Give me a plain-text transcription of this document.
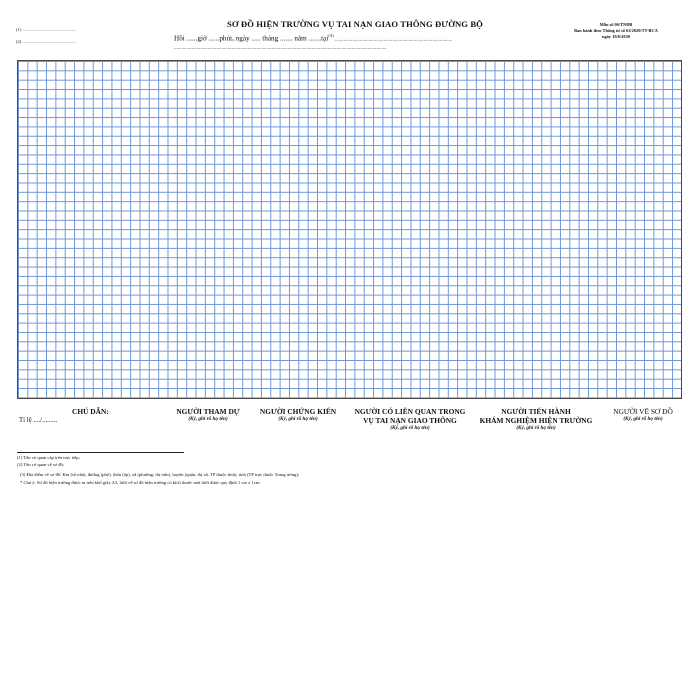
(1) ...............................................
(2) ...............................................
SƠ ĐỒ HIỆN TRƯỜNG VỤ TAI NẠN GIAO THÔNG ĐƯỜNG BỘ
Hồi ......giờ ......phút, ngày ..... tháng ....... năm .......tại$^{(3)}$ ..............................................................................................
..........................................................................................................................................................................
Mẫu số 06/TNĐB
Ban hành theo Thông tư số 63/2020/TT-BCA
ngày 19/6/2020
CHÚ DẪN:
Tỉ lệ ..../.........
NGƯỜI THAM DỰ
(Ký, ghi rõ họ tên)
NGƯỜI CHỨNG KIẾN
(Ký, ghi rõ họ tên)
NGƯỜI CÓ LIÊN QUAN TRONG
VỤ TAI NẠN GIAO THÔNG
(Ký, ghi rõ họ tên)
NGƯỜI TIẾN HÀNH
KHÁM NGHIỆM HIỆN TRƯỜNG
(Ký, ghi rõ họ tên)
NGƯỜI VẼ SƠ ĐỒ
(Ký, ghi rõ họ tên)
(1) Tên cơ quan cấp trên trực tiếp;
(2) Tên cơ quan vẽ sơ đồ;
(3) Địa điểm vẽ sơ đồ: Km (số nhà), đường (phố), thôn (ấp), xã (phường, thị trấn), huyện (quận, thị xã, TP thuộc tỉnh), tỉnh (TP trực thuộc Trung ương);
* Chú ý: Sơ đồ hiện trường được in trên khổ giấy A3, lưới vẽ sơ đồ hiện trường có kích thước mắt lưới được quy định 1 cm x 1cm.
